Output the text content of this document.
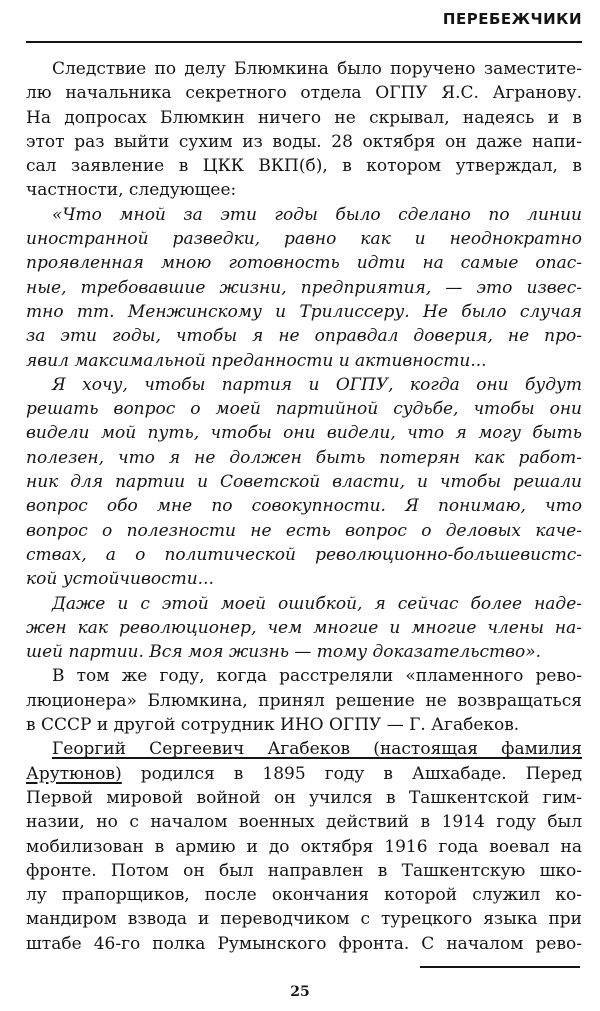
ПЕРЕБЕЖЧИКИ
Следствие по делу Блюмкина было поручено заместите-
лю начальника секретного отдела ОГПУ Я.С. Агранову.
На допросах Блюмкин ничего не скрывал, надеясь и в
этот раз выйти сухим из воды. 28 октября он даже напи-
сал заявление в ЦКК ВКП(б), в котором утверждал, в
частности, следующее:
«Что мной за эти годы было сделано по линии
иностранной разведки, равно как и неоднократно
проявленная мною готовность идти на самые опас-
ные, требовавшие жизни, предприятия, — это извес-
тно тт. Менжинскому и Трилиссеру. Не было случая
за эти годы, чтобы я не оправдал доверия, не про-
явил максимальной преданности и активности...
Я хочу, чтобы партия и ОГПУ, когда они будут
решать вопрос о моей партийной судьбе, чтобы они
видели мой путь, чтобы они видели, что я могу быть
полезен, что я не должен быть потерян как работ-
ник для партии и Советской власти, и чтобы решали
вопрос обо мне по совокупности. Я понимаю, что
вопрос о полезности не есть вопрос о деловых каче-
ствах, а о политической революционно-большевистс-
кой устойчивости...
Даже и с этой моей ошибкой, я сейчас более наде-
жен как революционер, чем многие и многие члены на-
шей партии. Вся моя жизнь — тому доказательство».
В том же году, когда расстреляли «пламенного рево-
люционера» Блюмкина, принял решение не возвращаться
в СССР и другой сотрудник ИНО ОГПУ — Г. Агабеков.
Георгий Сергеевич Агабеков (настоящая фамилия
Арутюнов) родился в 1895 году в Ашхабаде. Перед
Первой мировой войной он учился в Ташкентской гим-
назии, но с началом военных действий в 1914 году был
мобилизован в армию и до октября 1916 года воевал на
фронте. Потом он был направлен в Ташкентскую шко-
лу прапорщиков, после окончания которой служил ко-
мандиром взвода и переводчиком с турецкого языка при
штабе 46-го полка Румынского фронта. С началом рево-
25
